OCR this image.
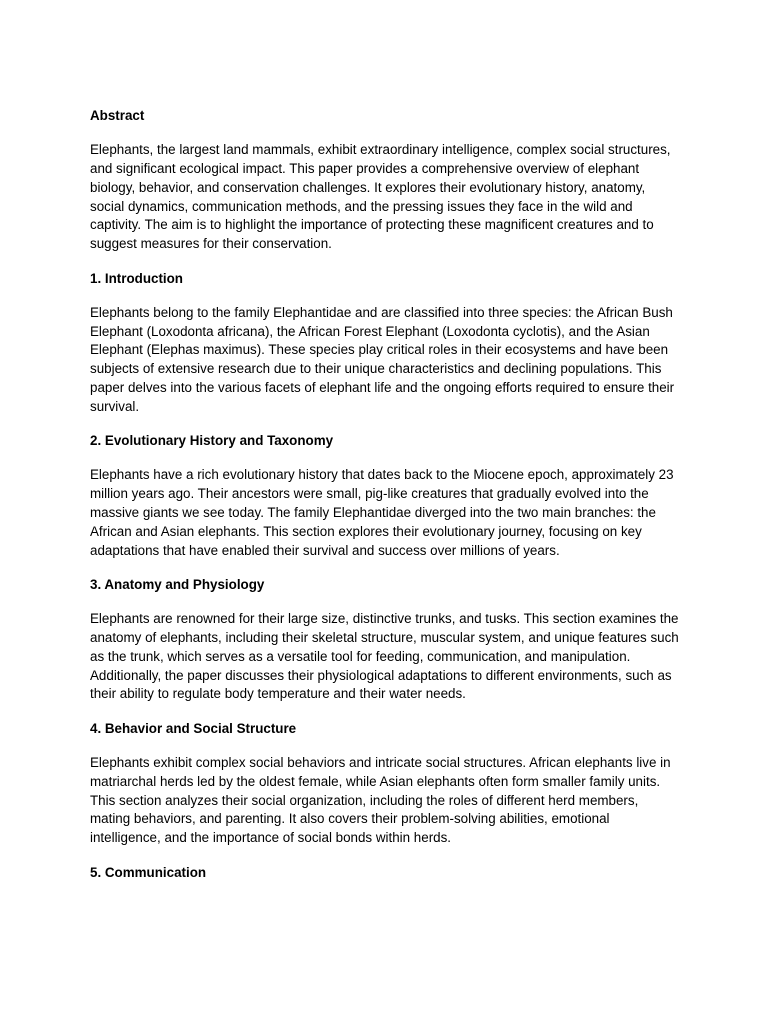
Abstract
Elephants, the largest land mammals, exhibit extraordinary intelligence, complex social structures, and significant ecological impact. This paper provides a comprehensive overview of elephant biology, behavior, and conservation challenges. It explores their evolutionary history, anatomy, social dynamics, communication methods, and the pressing issues they face in the wild and captivity. The aim is to highlight the importance of protecting these magnificent creatures and to suggest measures for their conservation.
1. Introduction
Elephants belong to the family Elephantidae and are classified into three species: the African Bush Elephant (Loxodonta africana), the African Forest Elephant (Loxodonta cyclotis), and the Asian Elephant (Elephas maximus). These species play critical roles in their ecosystems and have been subjects of extensive research due to their unique characteristics and declining populations. This paper delves into the various facets of elephant life and the ongoing efforts required to ensure their survival.
2. Evolutionary History and Taxonomy
Elephants have a rich evolutionary history that dates back to the Miocene epoch, approximately 23 million years ago. Their ancestors were small, pig-like creatures that gradually evolved into the massive giants we see today. The family Elephantidae diverged into the two main branches: the African and Asian elephants. This section explores their evolutionary journey, focusing on key adaptations that have enabled their survival and success over millions of years.
3. Anatomy and Physiology
Elephants are renowned for their large size, distinctive trunks, and tusks. This section examines the anatomy of elephants, including their skeletal structure, muscular system, and unique features such as the trunk, which serves as a versatile tool for feeding, communication, and manipulation. Additionally, the paper discusses their physiological adaptations to different environments, such as their ability to regulate body temperature and their water needs.
4. Behavior and Social Structure
Elephants exhibit complex social behaviors and intricate social structures. African elephants live in matriarchal herds led by the oldest female, while Asian elephants often form smaller family units. This section analyzes their social organization, including the roles of different herd members, mating behaviors, and parenting. It also covers their problem-solving abilities, emotional intelligence, and the importance of social bonds within herds.
5. Communication
